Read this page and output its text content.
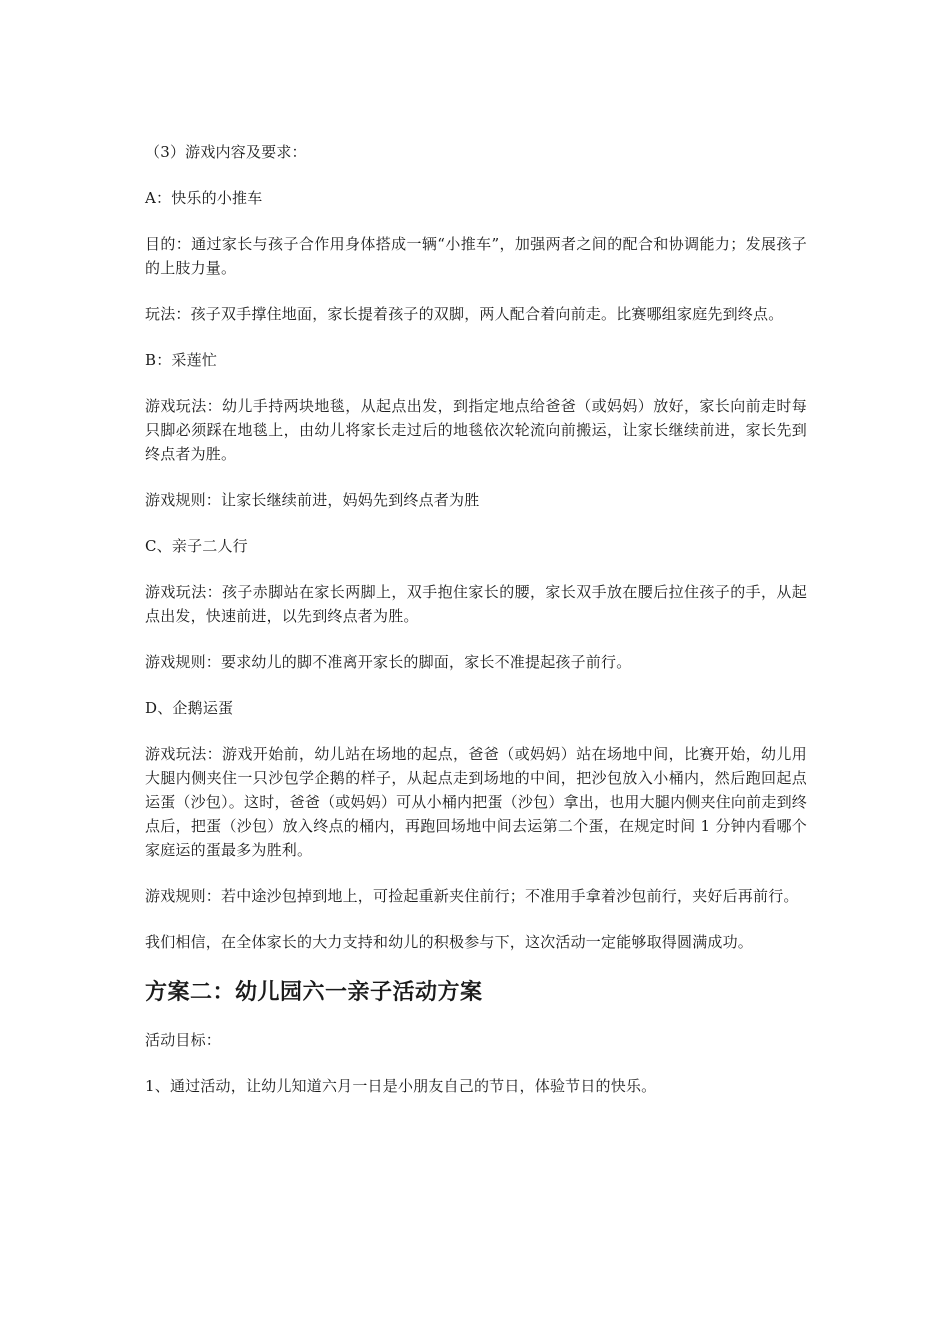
（3）游戏内容及要求：

A：快乐的小推车

目的：通过家长与孩子合作用身体搭成一辆“小推车”，加强两者之间的配合和协调能力；发展孩子的上肢力量。

玩法：孩子双手撑住地面，家长提着孩子的双脚，两人配合着向前走。比赛哪组家庭先到终点。

B：采莲忙

游戏玩法：幼儿手持两块地毯，从起点出发，到指定地点给爸爸（或妈妈）放好，家长向前走时每只脚必须踩在地毯上，由幼儿将家长走过后的地毯依次轮流向前搬运，让家长继续前进，家长先到终点者为胜。

游戏规则：让家长继续前进，妈妈先到终点者为胜

C、亲子二人行

游戏玩法：孩子赤脚站在家长两脚上，双手抱住家长的腰，家长双手放在腰后拉住孩子的手，从起点出发，快速前进，以先到终点者为胜。

游戏规则：要求幼儿的脚不准离开家长的脚面，家长不准提起孩子前行。

D、企鹅运蛋

游戏玩法：游戏开始前，幼儿站在场地的起点，爸爸（或妈妈）站在场地中间，比赛开始，幼儿用大腿内侧夹住一只沙包学企鹅的样子，从起点走到场地的中间，把沙包放入小桶内，然后跑回起点运蛋（沙包）。这时，爸爸（或妈妈）可从小桶内把蛋（沙包）拿出，也用大腿内侧夹住向前走到终点后，把蛋（沙包）放入终点的桶内，再跑回场地中间去运第二个蛋，在规定时间 1 分钟内看哪个家庭运的蛋最多为胜利。

游戏规则：若中途沙包掉到地上，可捡起重新夹住前行；不准用手拿着沙包前行，夹好后再前行。

我们相信，在全体家长的大力支持和幼儿的积极参与下，这次活动一定能够取得圆满成功。

方案二：幼儿园六一亲子活动方案

活动目标：

1、通过活动，让幼儿知道六月一日是小朋友自己的节日，体验节日的快乐。
